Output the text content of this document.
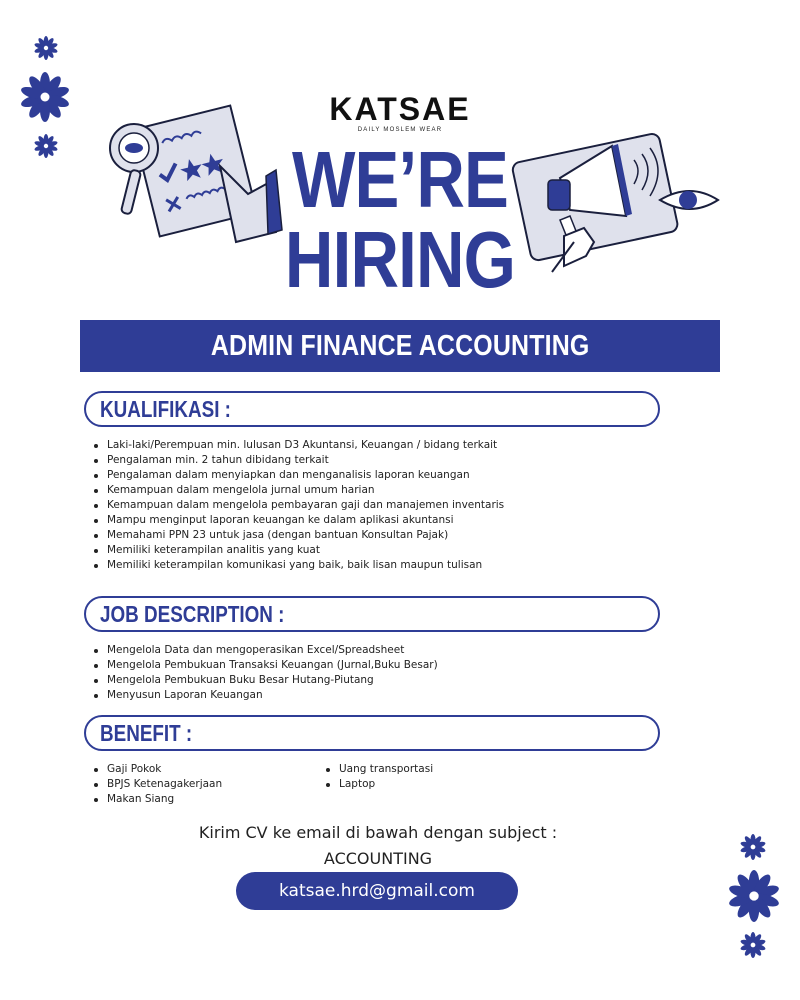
KATSAE
DAILY MOSLEM WEAR
WE’RE
HIRING
ADMIN FINANCE ACCOUNTING
KUALIFIKASI :
Laki-laki/Perempuan min. lulusan D3 Akuntansi, Keuangan / bidang terkait
Pengalaman min. 2 tahun dibidang terkait
Pengalaman dalam menyiapkan dan menganalisis laporan keuangan
Kemampuan dalam mengelola jurnal umum harian
Kemampuan dalam mengelola pembayaran gaji dan manajemen inventaris
Mampu menginput laporan keuangan ke dalam aplikasi akuntansi
Memahami PPN 23 untuk jasa (dengan bantuan Konsultan Pajak)
Memiliki keterampilan analitis yang kuat
Memiliki keterampilan komunikasi yang baik, baik lisan maupun tulisan
JOB DESCRIPTION :
Mengelola Data dan mengoperasikan Excel/Spreadsheet
Mengelola Pembukuan Transaksi Keuangan (Jurnal,Buku Besar)
Mengelola Pembukuan Buku Besar Hutang-Piutang
Menyusun Laporan Keuangan
BENEFIT :
Gaji Pokok
BPJS Ketenagakerjaan
Makan Siang
Uang transportasi
Laptop
Kirim CV ke email di bawah dengan subject :
ACCOUNTING
katsae.hrd@gmail.com
